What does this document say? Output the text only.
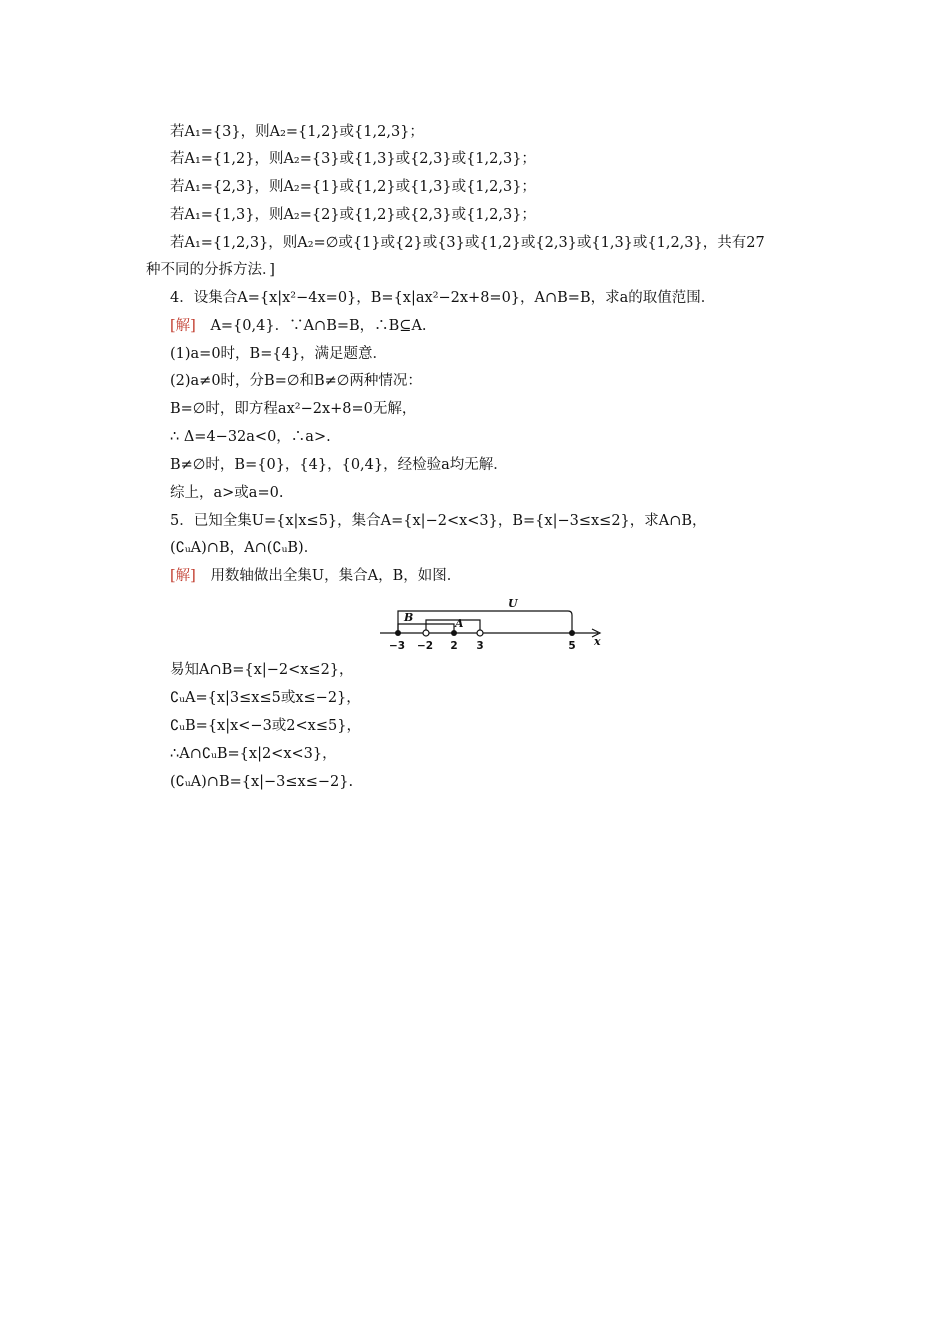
若A₁={3}，则A₂={1,2}或{1,2,3}；
若A₁={1,2}，则A₂={3}或{1,3}或{2,3}或{1,2,3}；
若A₁={2,3}，则A₂={1}或{1,2}或{1,3}或{1,2,3}；
若A₁={1,3}，则A₂={2}或{1,2}或{2,3}或{1,2,3}；
若A₁={1,2,3}，则A₂=∅或{1}或{2}或{3}或{1,2}或{2,3}或{1,3}或{1,2,3}，共有27
种不同的分拆方法．]
4．设集合A={x|x²−4x=0}，B={x|ax²−2x+8=0}，A∩B=B，求a的取值范围．
[解] A={0,4}．∵A∩B=B，∴B⊆A.
(1)a=0时，B={4}，满足题意．
(2)a≠0时，分B=∅和B≠∅两种情况：
B=∅时，即方程ax²−2x+8=0无解，
∴ Δ=4−32a<0，∴a>.
B≠∅时，B={0}，{4}，{0,4}，经检验a均无解．
综上，a>或a=0.
5．已知全集U={x|x≤5}，集合A={x|−2<x<3}，B={x|−3≤x≤2}，求A∩B，
(∁ᵤA)∩B，A∩(∁ᵤB)．
[解] 用数轴做出全集U，集合A，B，如图．
U
B	A
x
−3 −2 2 3	5
易知A∩B={x|−2<x≤2}，
∁ᵤA={x|3≤x≤5或x≤−2}，
∁ᵤB={x|x<−3或2<x≤5}，
∴A∩∁ᵤB={x|2<x<3}，
(∁ᵤA)∩B={x|−3≤x≤−2}.
